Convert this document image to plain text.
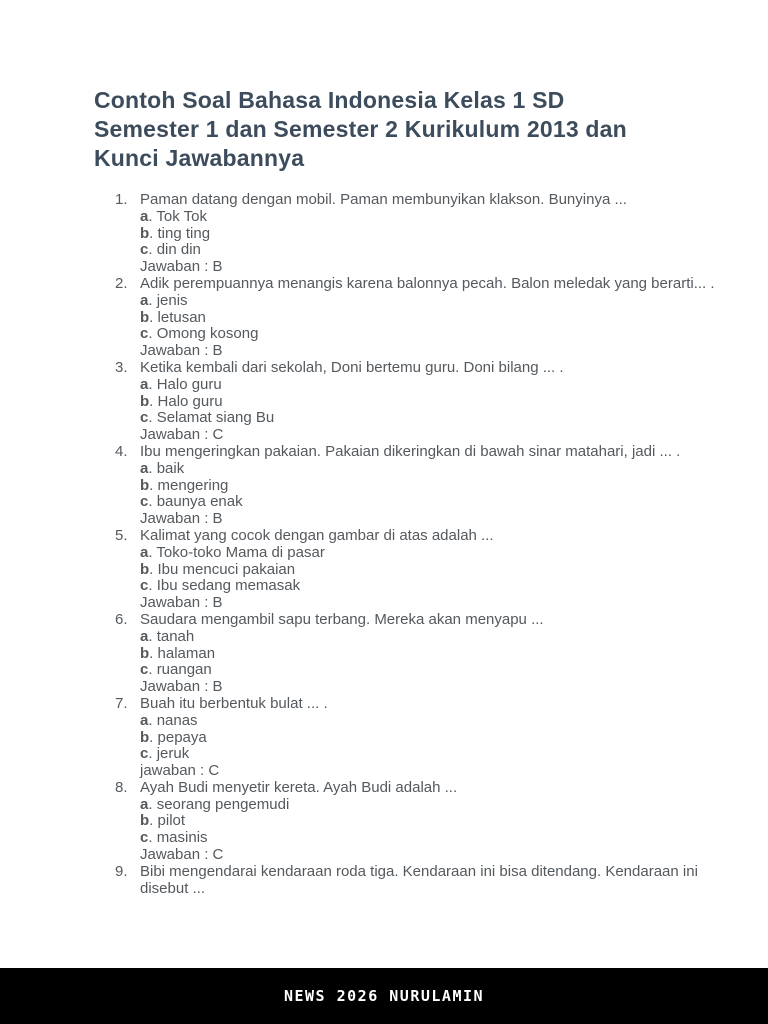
Contoh Soal Bahasa Indonesia Kelas 1 SD Semester 1 dan Semester 2 Kurikulum 2013 dan Kunci Jawabannya
1. Paman datang dengan mobil. Paman membunyikan klakson. Bunyinya ...
a. Tok Tok
b. ting ting
c. din din
Jawaban : B
2. Adik perempuannya menangis karena balonnya pecah. Balon meledak yang berarti... .
a. jenis
b. letusan
c. Omong kosong
Jawaban : B
3. Ketika kembali dari sekolah, Doni bertemu guru. Doni bilang ... .
a. Halo guru
b. Halo guru
c. Selamat siang Bu
Jawaban : C
4. Ibu mengeringkan pakaian. Pakaian dikeringkan di bawah sinar matahari, jadi ... .
a. baik
b. mengering
c. baunya enak
Jawaban : B
5. Kalimat yang cocok dengan gambar di atas adalah ...
a. Toko-toko Mama di pasar
b. Ibu mencuci pakaian
c. Ibu sedang memasak
Jawaban : B
6. Saudara mengambil sapu terbang. Mereka akan menyapu ...
a. tanah
b. halaman
c. ruangan
Jawaban : B
7. Buah itu berbentuk bulat ... .
a. nanas
b. pepaya
c. jeruk
jawaban : C
8. Ayah Budi menyetir kereta. Ayah Budi adalah ...
a. seorang pengemudi
b. pilot
c. masinis
Jawaban : C
9. Bibi mengendarai kendaraan roda tiga. Kendaraan ini bisa ditendang. Kendaraan ini disebut ...
NEWS 2026 NURULAMIN
